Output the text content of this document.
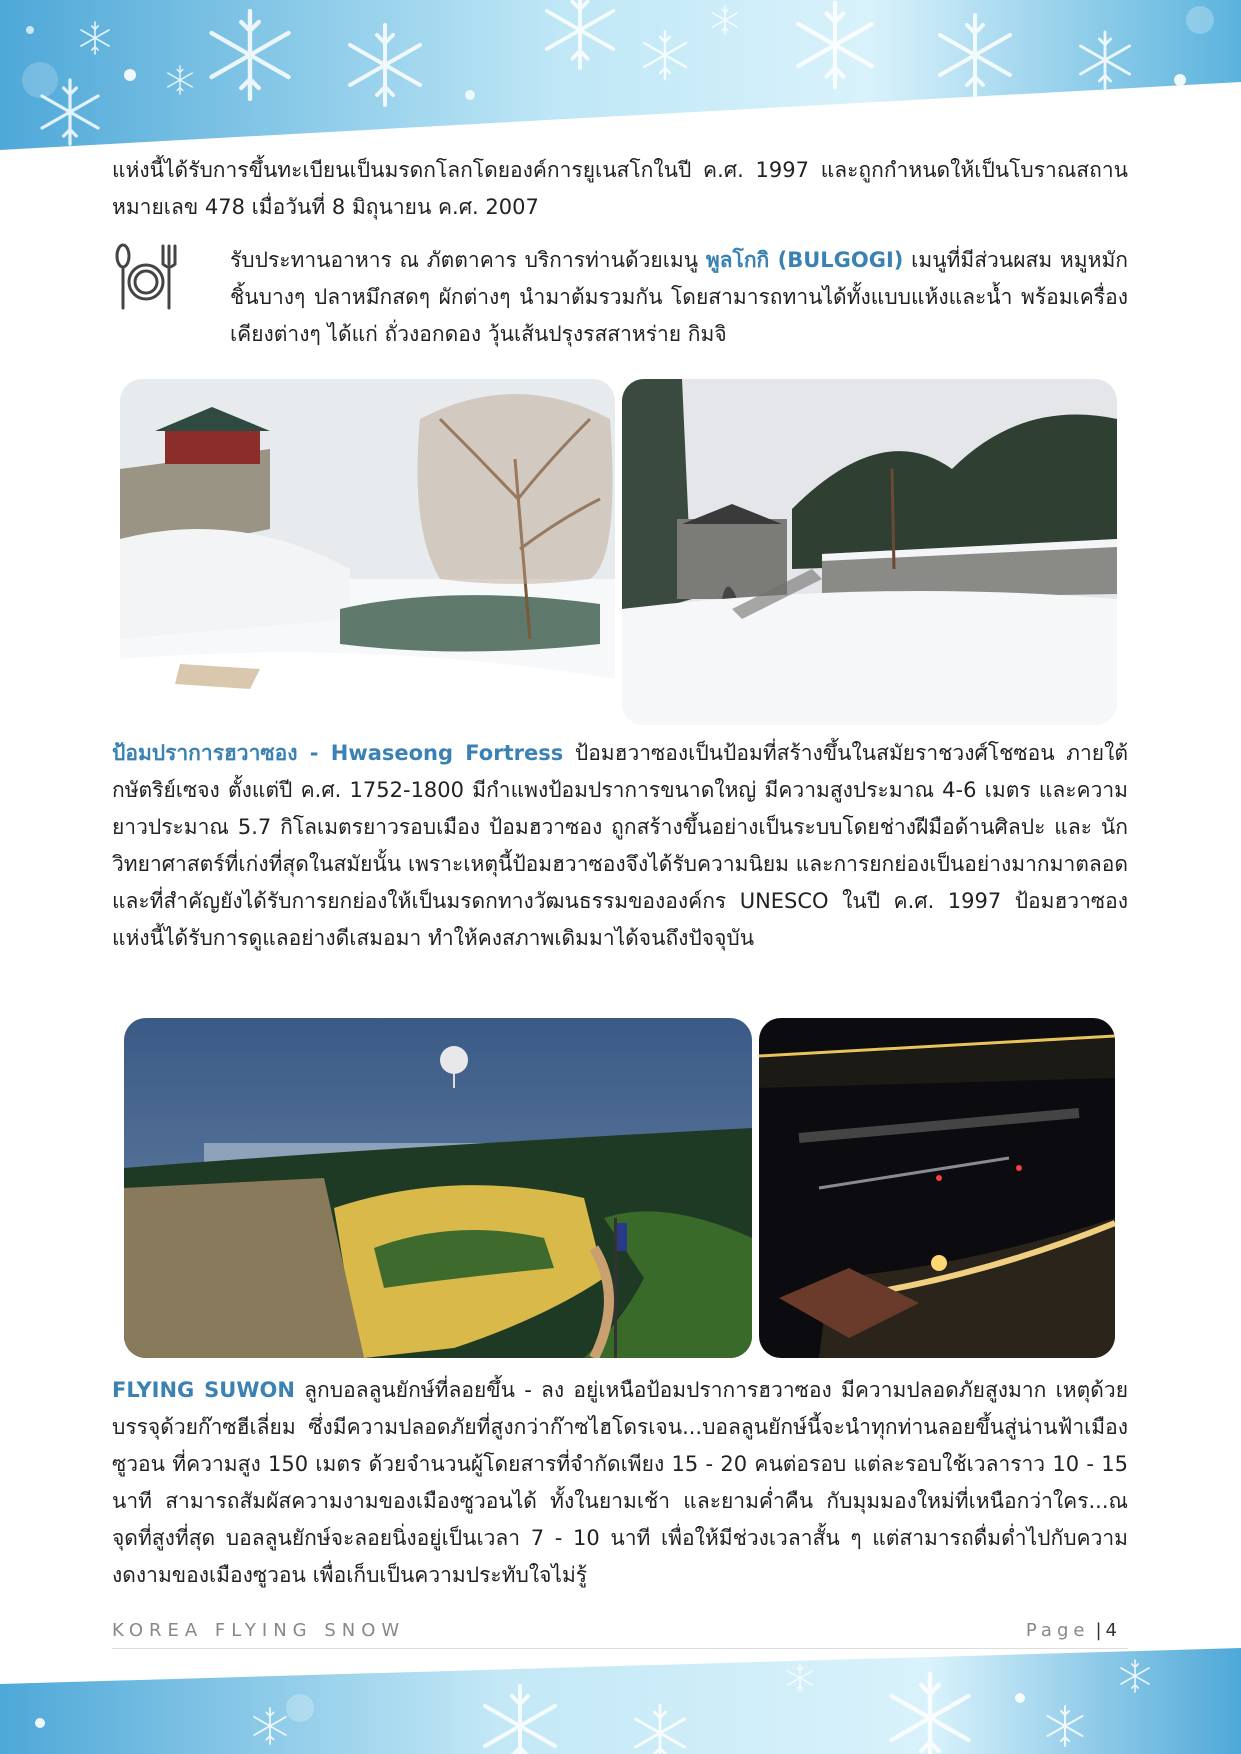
แห่งนี้ได้รับการขึ้นทะเบียนเป็นมรดกโลกโดยองค์การยูเนสโกในปี ค.ศ. 1997 และถูกกำหนดให้เป็นโบราณสถานหมายเลข 478 เมื่อวันที่ 8 มิถุนายน ค.ศ. 2007
รับประทานอาหาร ณ ภัตตาคาร บริการท่านด้วยเมนู พูลโกกิ (BULGOGI) เมนูที่มีส่วนผสม หมูหมักชิ้นบางๆ ปลาหมึกสดๆ ผักต่างๆ นำมาต้มรวมกัน โดยสามารถทานได้ทั้งแบบแห้งและน้ำ พร้อมเครื่องเคียงต่างๆ ได้แก่ ถั่วงอกดอง วุ้นเส้นปรุงรสสาหร่าย กิมจิ
ป้อมปราการฮวาซอง - Hwaseong Fortress ป้อมฮวาซองเป็นป้อมที่สร้างขึ้นในสมัยราชวงศ์โชซอน ภายใต้กษัตริย์เซจง ตั้งแต่ปี ค.ศ. 1752-1800 มีกำแพงป้อมปราการขนาดใหญ่ มีความสูงประมาณ 4-6 เมตร และความยาวประมาณ 5.7 กิโลเมตรยาวรอบเมือง ป้อมฮวาซอง ถูกสร้างขึ้นอย่างเป็นระบบโดยช่างฝีมือด้านศิลปะ และ นักวิทยาศาสตร์ที่เก่งที่สุดในสมัยนั้น เพราะเหตุนี้ป้อมฮวาซองจึงได้รับความนิยม และการยกย่องเป็นอย่างมากมาตลอด และที่สำคัญยังได้รับการยกย่องให้เป็นมรดกทางวัฒนธรรมขององค์กร UNESCO ในปี ค.ศ. 1997 ป้อมฮวาซองแห่งนี้ได้รับการดูแลอย่างดีเสมอมา ทำให้คงสภาพเดิมมาได้จนถึงปัจจุบัน
FLYING SUWON ลูกบอลลูนยักษ์ที่ลอยขึ้น - ลง อยู่เหนือป้อมปราการฮวาซอง มีความปลอดภัยสูงมาก เหตุด้วยบรรจุด้วยก๊าซฮีเลี่ยม ซึ่งมีความปลอดภัยที่สูงกว่าก๊าซไฮโดรเจน...บอลลูนยักษ์นี้จะนำทุกท่านลอยขึ้นสู่น่านฟ้าเมืองซูวอน ที่ความสูง 150 เมตร ด้วยจำนวนผู้โดยสารที่จำกัดเพียง 15 - 20 คนต่อรอบ แต่ละรอบใช้เวลาราว 10 - 15 นาที สามารถสัมผัสความงามของเมืองซูวอนได้ ทั้งในยามเช้า และยามค่ำคืน กับมุมมองใหม่ที่เหนือกว่าใคร...ณ จุดที่สูงที่สุด บอลลูนยักษ์จะลอยนิ่งอยู่เป็นเวลา 7 - 10 นาที เพื่อให้มีช่วงเวลาสั้น ๆ แต่สามารถดื่มด่ำไปกับความงดงามของเมืองซูวอน เพื่อเก็บเป็นความประทับใจไม่รู้
KOREA FLYING SNOW	Page | 4
